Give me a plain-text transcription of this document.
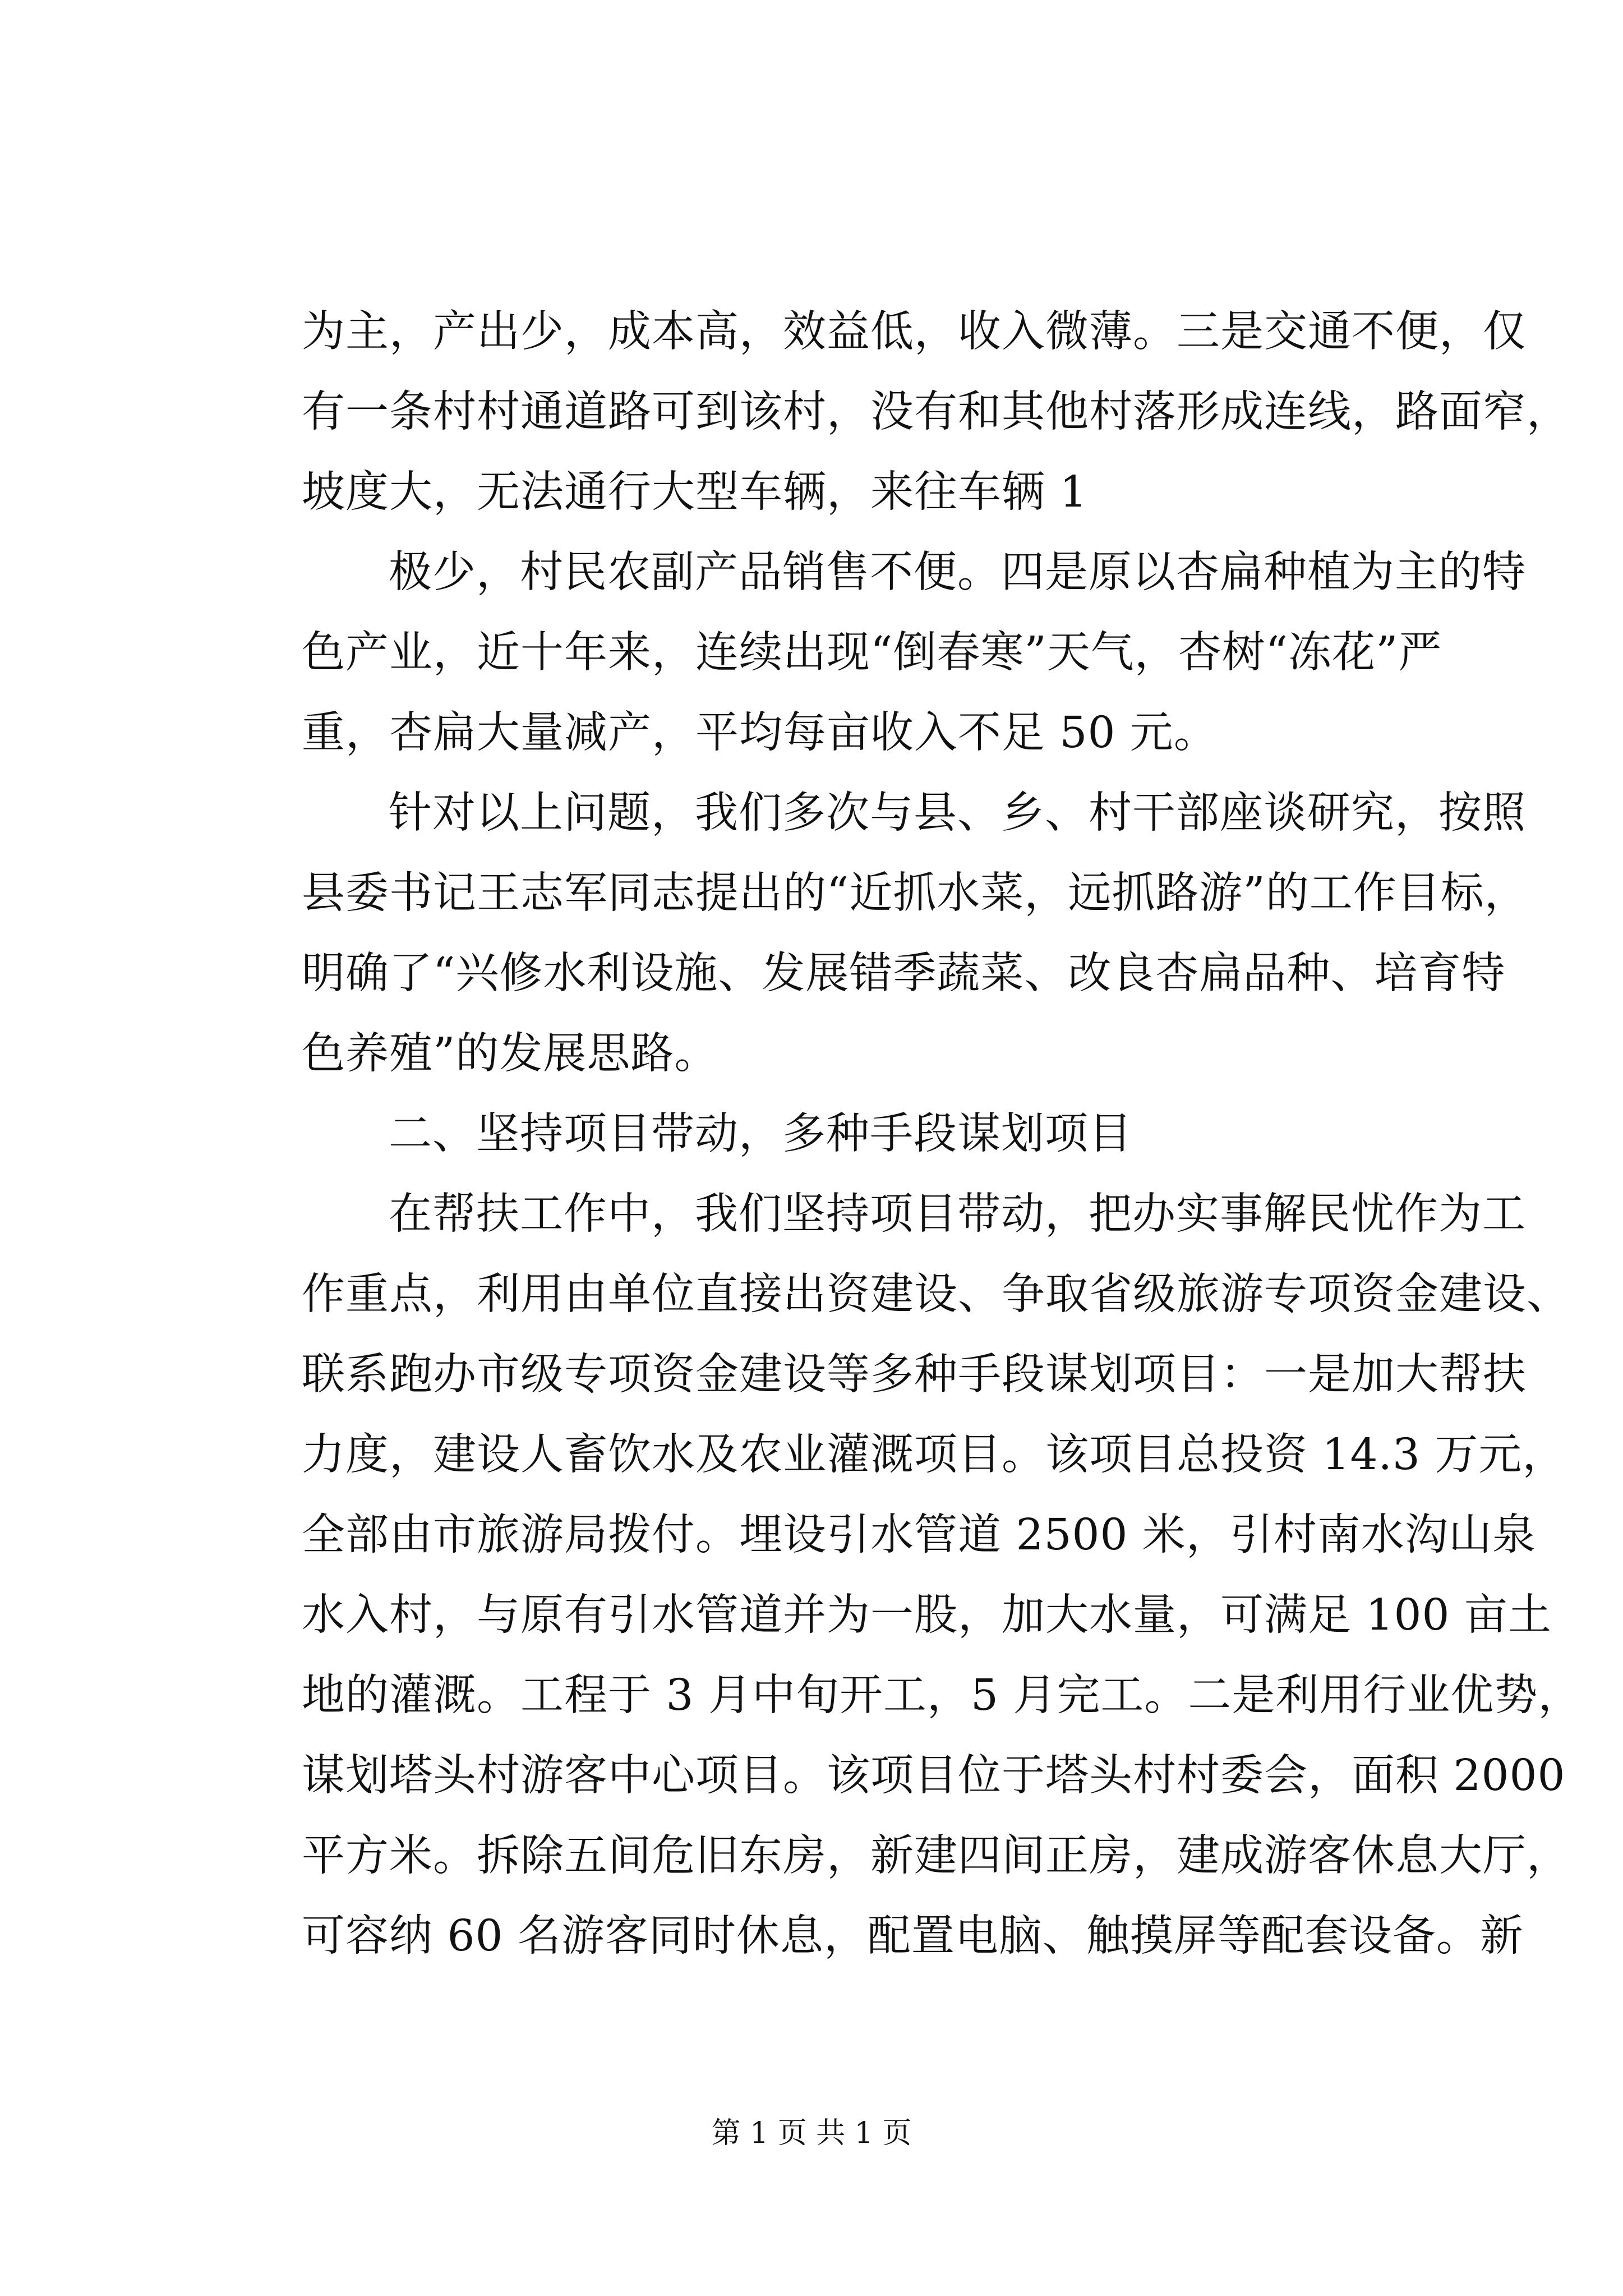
为主，产出少，成本高，效益低，收入微薄。三是交通不便，仅
有一条村村通道路可到该村，没有和其他村落形成连线，路面窄，
坡度大，无法通行大型车辆，来往车辆 1
极少，村民农副产品销售不便。四是原以杏扁种植为主的特
色产业，近十年来，连续出现“倒春寒”天气，杏树“冻花”严
重，杏扁大量减产，平均每亩收入不足 50 元。
针对以上问题，我们多次与县、乡、村干部座谈研究，按照
县委书记王志军同志提出的“近抓水菜，远抓路游”的工作目标，
明确了“兴修水利设施、发展错季蔬菜、改良杏扁品种、培育特
色养殖”的发展思路。
二、坚持项目带动，多种手段谋划项目
在帮扶工作中，我们坚持项目带动，把办实事解民忧作为工
作重点，利用由单位直接出资建设、争取省级旅游专项资金建设、
联系跑办市级专项资金建设等多种手段谋划项目：一是加大帮扶
力度，建设人畜饮水及农业灌溉项目。该项目总投资 14.3 万元，
全部由市旅游局拨付。埋设引水管道 2500 米，引村南水沟山泉
水入村，与原有引水管道并为一股，加大水量，可满足 100 亩土
地的灌溉。工程于 3 月中旬开工，5 月完工。二是利用行业优势，
谋划塔头村游客中心项目。该项目位于塔头村村委会，面积 2000
平方米。拆除五间危旧东房，新建四间正房，建成游客休息大厅，
可容纳 60 名游客同时休息，配置电脑、触摸屏等配套设备。新
第 1 页 共 1 页
